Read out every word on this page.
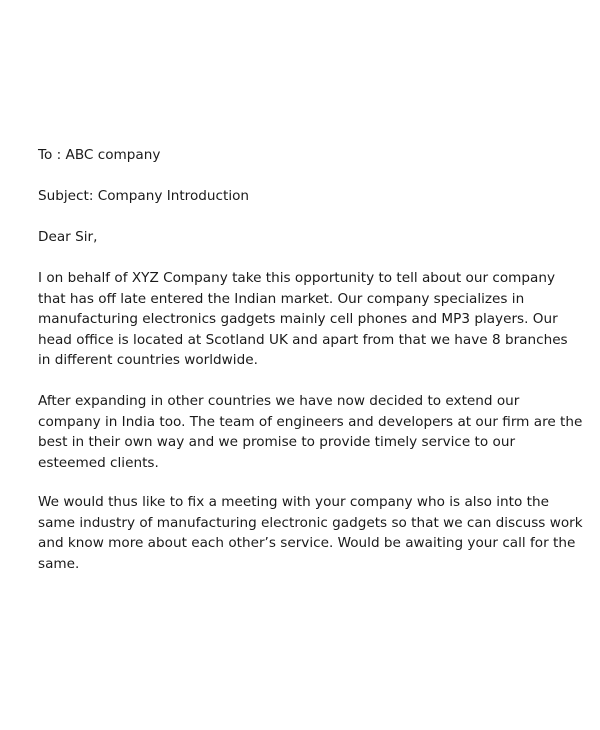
To : ABC company

Subject: Company Introduction

Dear Sir,

I on behalf of XYZ Company take this opportunity to tell about our company
that has off late entered the Indian market. Our company specializes in
manufacturing electronics gadgets mainly cell phones and MP3 players. Our
head office is located at Scotland UK and apart from that we have 8 branches
in different countries worldwide.
After expanding in other countries we have now decided to extend our
company in India too. The team of engineers and developers at our firm are the
best in their own way and we promise to provide timely service to our
esteemed clients.
We would thus like to fix a meeting with your company who is also into the
same industry of manufacturing electronic gadgets so that we can discuss work
and know more about each other’s service. Would be awaiting your call for the
same.
